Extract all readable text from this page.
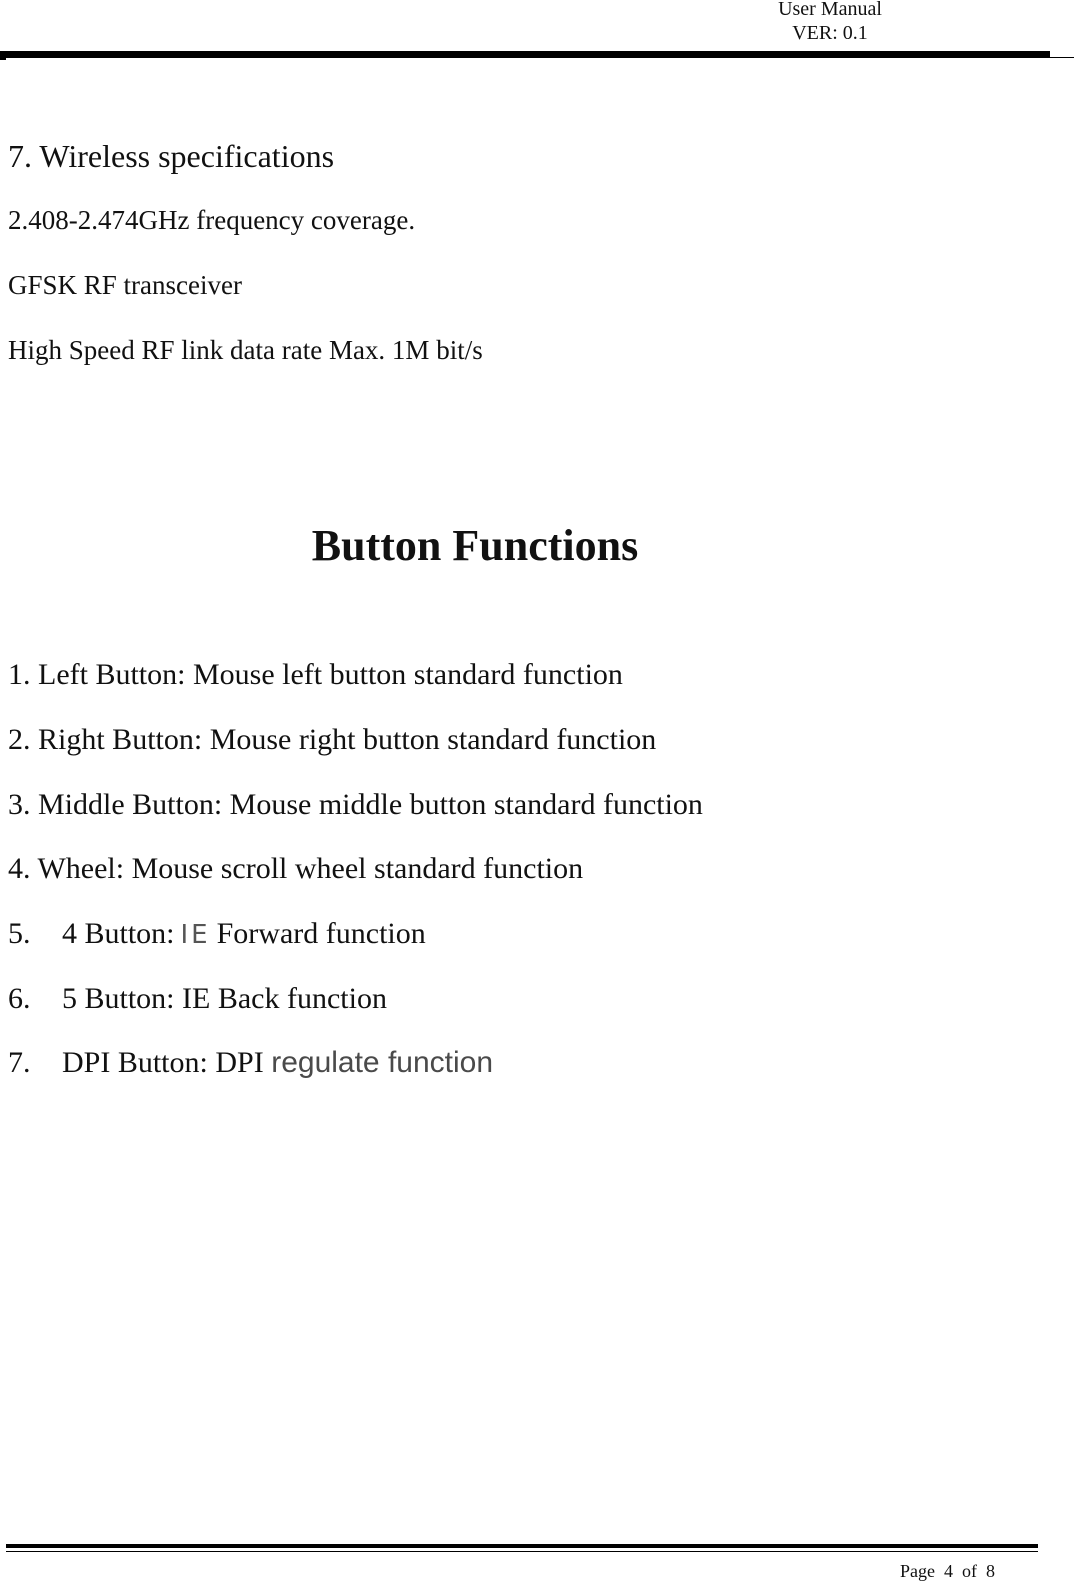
User Manual
VER: 0.1
7. Wireless specifications
2.408-2.474GHz frequency coverage.
GFSK RF transceiver
High Speed RF link data rate Max. 1M bit/s
Button Functions
1. Left Button: Mouse left button standard function
2. Right Button: Mouse right button standard function
3. Middle Button: Mouse middle button standard function
4. Wheel: Mouse scroll wheel standard function
5. 4 Button: IE Forward function
6. 5 Button: IE Back function
7. DPI Button: DPI regulate function
Page  4  of  8
